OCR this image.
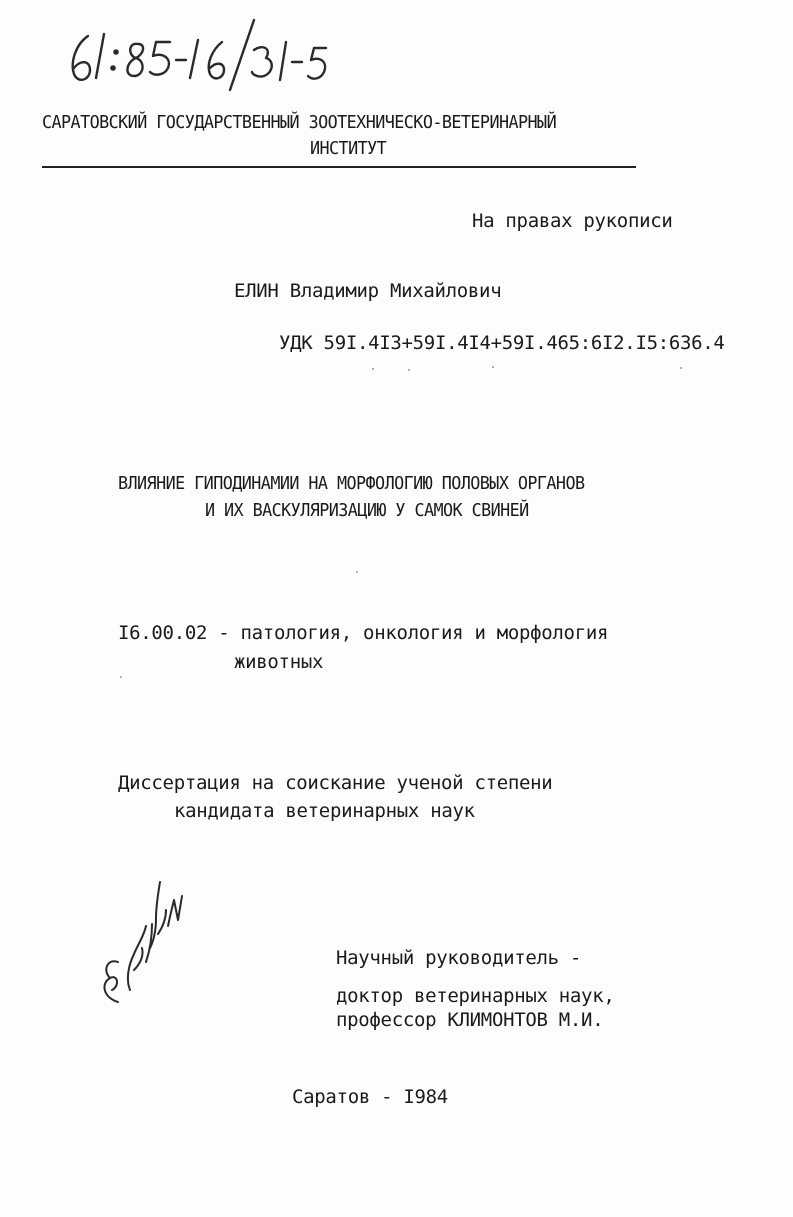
САРАТОВСКИЙ ГОСУДАРСТВЕННЫЙ ЗООТЕХНИЧЕСКО-ВЕТЕРИНАРНЫЙ
ИНСТИТУТ
На правах рукописи
ЕЛИН Владимир Михайлович
УДК 59I.4I3+59I.4I4+59I.465:6I2.I5:636.4
ВЛИЯНИЕ ГИПОДИНАМИИ НА МОРФОЛОГИЮ ПОЛОВЫХ ОРГАНОВ
И ИХ ВАСКУЛЯРИЗАЦИЮ У САМОК СВИНЕЙ
I6.00.02 - патология, онкология и морфология
животных
Диссертация на соискание ученой степени
кандидата ветеринарных наук
Научный руководитель -
доктор ветеринарных наук,
профессор КЛИМОНТОВ М.И.
Саратов - I984
